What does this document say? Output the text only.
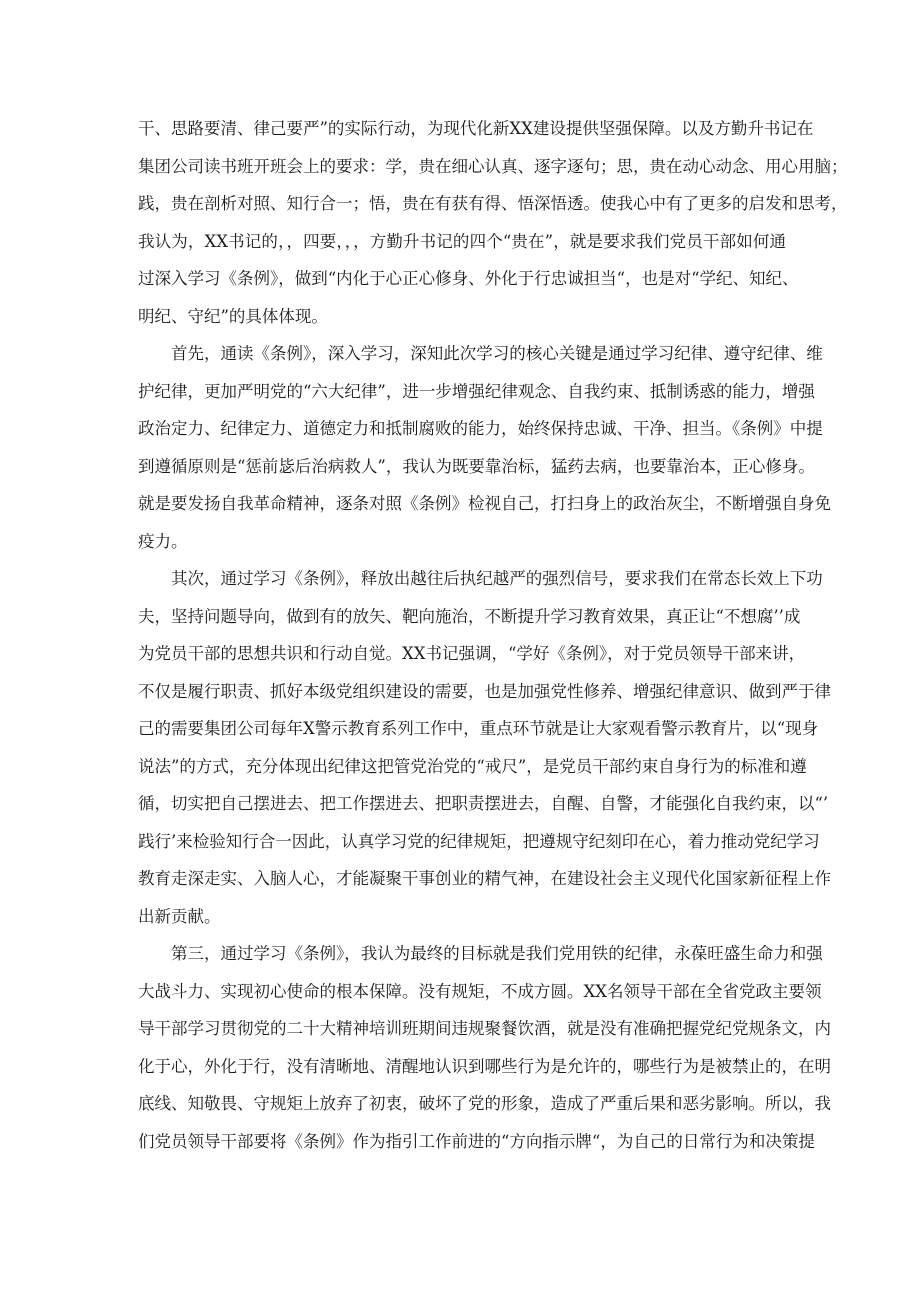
干、思路要清、律己要严”的实际行动，为现代化新XX建设提供坚强保障。以及方勤升书记在
集团公司读书班开班会上的要求：学，贵在细心认真、逐字逐句；思，贵在动心动念、用心用脑；
践，贵在剖析对照、知行合一；悟，贵在有获有得、悟深悟透。使我心中有了更多的启发和思考，
我认为，XX书记的，，四要，，，方勤升书记的四个“贵在”，就是要求我们党员干部如何通
过深入学习《条例》，做到“内化于心正心修身、外化于行忠诚担当“，也是对“学纪、知纪、
明纪、守纪”的具体体现。
首先，通读《条例》，深入学习，深知此次学习的核心关键是通过学习纪律、遵守纪律、维
护纪律，更加严明党的“六大纪律”，进一步增强纪律观念、自我约束、抵制诱惑的能力，增强
政治定力、纪律定力、道德定力和抵制腐败的能力，始终保持忠诚、干净、担当。《条例》中提
到遵循原则是“惩前毖后治病救人”，我认为既要靠治标，猛药去病，也要靠治本，正心修身。
就是要发扬自我革命精神，逐条对照《条例》检视自己，打扫身上的政治灰尘，不断增强自身免
疫力。
其次，通过学习《条例》，释放出越往后执纪越严的强烈信号，要求我们在常态长效上下功
夫，坚持问题导向，做到有的放矢、靶向施治，不断提升学习教育效果，真正让“不想腐’’成
为党员干部的思想共识和行动自觉。XX书记强调，“学好《条例》，对于党员领导干部来讲，
不仅是履行职责、抓好本级党组织建设的需要，也是加强党性修养、增强纪律意识、做到严于律
己的需要集团公司每年X警示教育系列工作中，重点环节就是让大家观看警示教育片，以“现身
说法”的方式，充分体现出纪律这把管党治党的“戒尺”，是党员干部约束自身行为的标准和遵
循，切实把自己摆进去、把工作摆进去、把职责摆进去，自醒、自警，才能强化自我约束，以“’
践行’来检验知行合一因此，认真学习党的纪律规矩，把遵规守纪刻印在心，着力推动党纪学习
教育走深走实、入脑人心，才能凝聚干事创业的精气神，在建设社会主义现代化国家新征程上作
出新贡献。
第三，通过学习《条例》，我认为最终的目标就是我们党用铁的纪律，永葆旺盛生命力和强
大战斗力、实现初心使命的根本保障。没有规矩，不成方圆。XX名领导干部在全省党政主要领
导干部学习贯彻党的二十大精神培训班期间违规聚餐饮酒，就是没有准确把握党纪党规条文，内
化于心，外化于行，没有清晰地、清醒地认识到哪些行为是允许的，哪些行为是被禁止的，在明
底线、知敬畏、守规矩上放弃了初衷，破坏了党的形象，造成了严重后果和恶劣影响。所以，我
们党员领导干部要将《条例》作为指引工作前进的“方向指示牌“，为自己的日常行为和决策提
